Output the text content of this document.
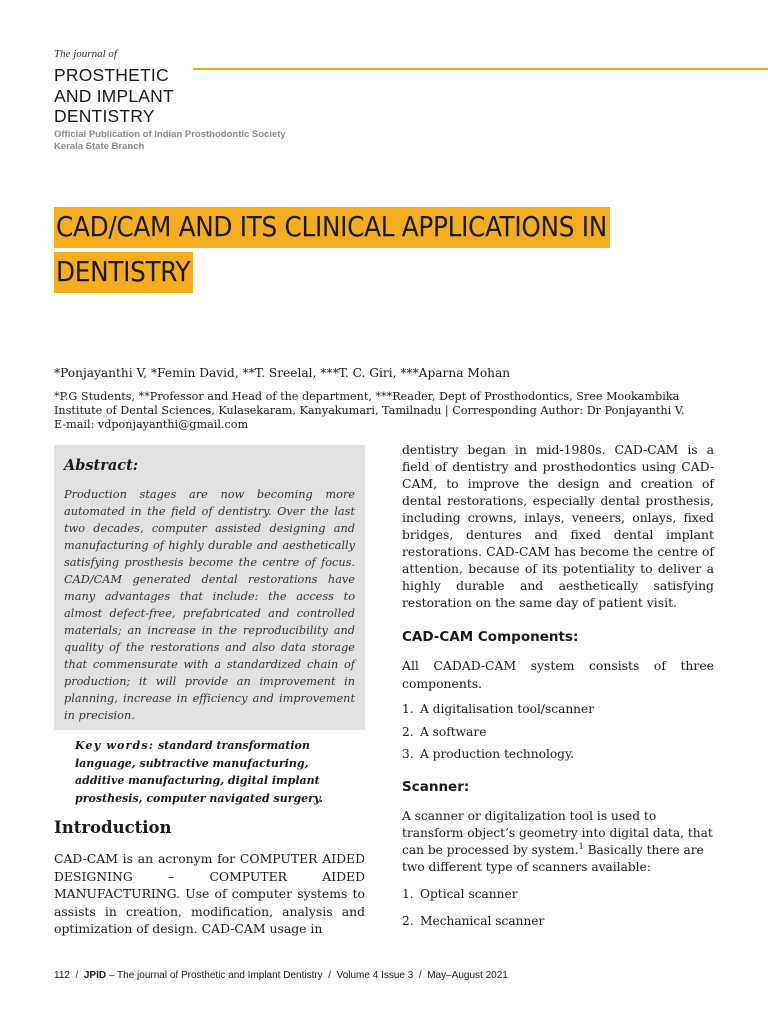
The journal of
PROSTHETIC
AND IMPLANT
DENTISTRY
Official Publication of Indian Prosthodontic Society
Kerala State Branch
CAD/CAM AND ITS CLINICAL APPLICATIONS IN
DENTISTRY
*Ponjayanthi V, *Femin David, **T. Sreelal, ***T. C. Giri, ***Aparna Mohan
*P.G Students, **Professor and Head of the department, ***Reader, Dept of Prosthodontics, Sree Mookambika
Institute of Dental Sciences, Kulasekaram, Kanyakumari, Tamilnadu | Corresponding Author: Dr Ponjayanthi V.
E-mail: vdponjayanthi@gmail.com
Abstract:
Production stages are now becoming more automated in the field of dentistry. Over the last two decades, computer assisted designing and manufacturing of highly durable and aesthetically satisfying prosthesis become the centre of focus. CAD/CAM generated dental restorations have many advantages that include: the access to almost defect-free, prefabricated and controlled materials; an increase in the reproducibility and quality of the restorations and also data storage that commensurate with a standardized chain of production; it will provide an improvement in planning, increase in efficiency and improvement in precision.
Key words: standard transformation language, subtractive manufacturing, additive manufacturing, digital implant prosthesis, computer navigated surgery.
Introduction
CAD-CAM is an acronym for COMPUTER AIDED DESIGNING – COMPUTER AIDED MANUFACTURING. Use of computer systems to assists in creation, modification, analysis and optimization of design. CAD-CAM usage in
dentistry began in mid-1980s. CAD-CAM is a field of dentistry and prosthodontics using CAD-CAM, to improve the design and creation of dental restorations, especially dental prosthesis, including crowns, inlays, veneers, onlays, fixed bridges, dentures and fixed dental implant restorations. CAD-CAM has become the centre of attention, because of its potentiality to deliver a highly durable and aesthetically satisfying restoration on the same day of patient visit.
CAD-CAM Components:
All CADAD-CAM system consists of three components.
1. A digitalisation tool/scanner
2. A software
3. A production technology.
Scanner:
A scanner or digitalization tool is used to transform object’s geometry into digital data, that can be processed by system.$^1$ Basically there are two different type of scanners available:
1. Optical scanner
2. Mechanical scanner
112 / JPID – The journal of Prosthetic and Implant Dentistry / Volume 4 Issue 3 / May–August 2021
